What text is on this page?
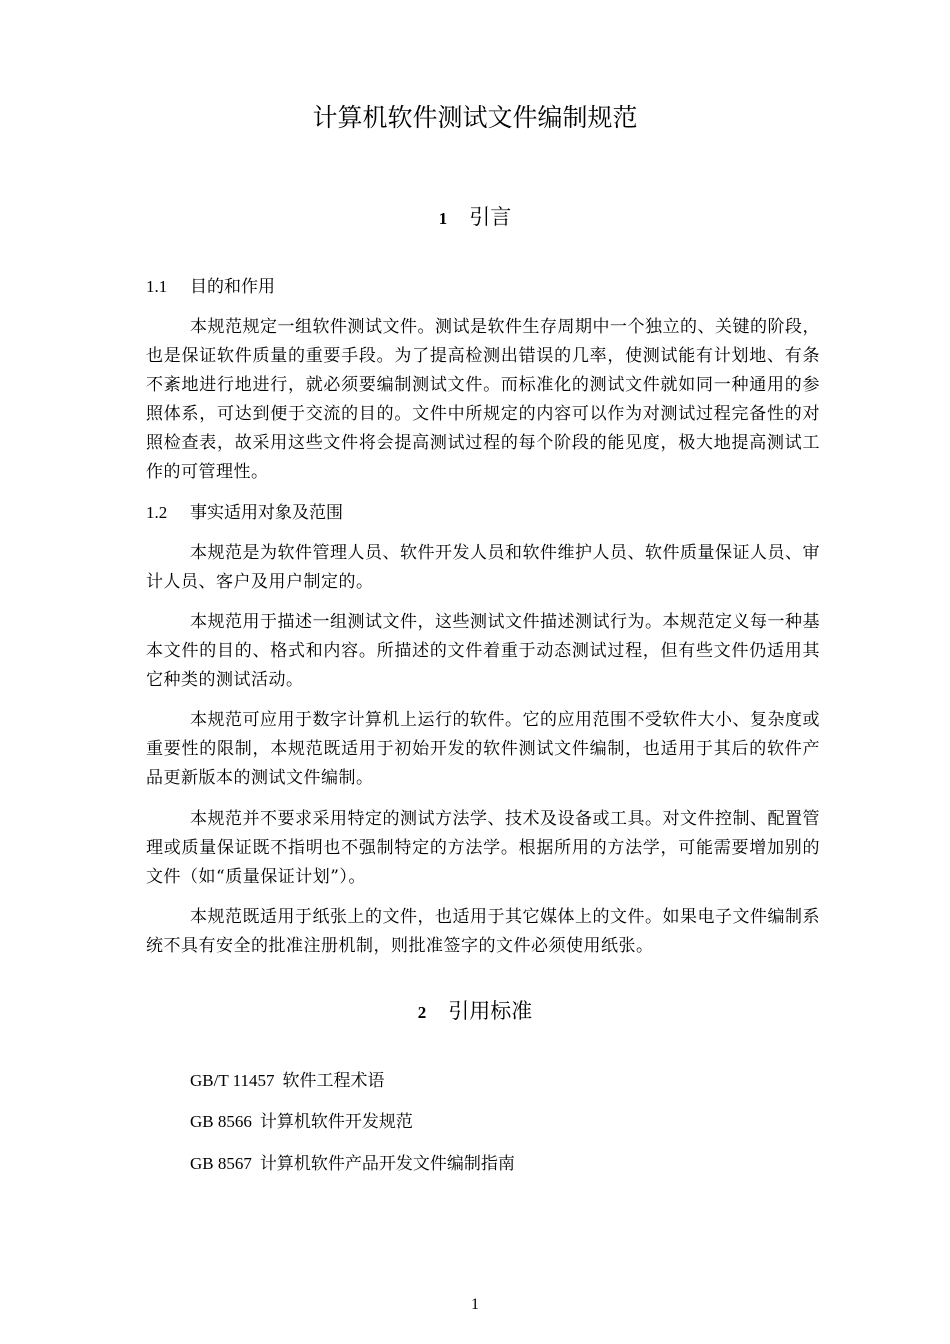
计算机软件测试文件编制规范
1 引言
1.1 目的和作用

本规范规定一组软件测试文件。测试是软件生存周期中一个独立的、关键的阶段，也是保证软件质量的重要手段。为了提高检测出错误的几率，使测试能有计划地、有条不紊地进行地进行，就必须要编制测试文件。而标准化的测试文件就如同一种通用的参照体系，可达到便于交流的目的。文件中所规定的内容可以作为对测试过程完备性的对照检查表，故采用这些文件将会提高测试过程的每个阶段的能见度，极大地提高测试工作的可管理性。

1.2 事实适用对象及范围

本规范是为软件管理人员、软件开发人员和软件维护人员、软件质量保证人员、审计人员、客户及用户制定的。

本规范用于描述一组测试文件，这些测试文件描述测试行为。本规范定义每一种基本文件的目的、格式和内容。所描述的文件着重于动态测试过程，但有些文件仍适用其它种类的测试活动。

本规范可应用于数字计算机上运行的软件。它的应用范围不受软件大小、复杂度或重要性的限制，本规范既适用于初始开发的软件测试文件编制，也适用于其后的软件产品更新版本的测试文件编制。

本规范并不要求采用特定的测试方法学、技术及设备或工具。对文件控制、配置管理或质量保证既不指明也不强制特定的方法学。根据所用的方法学，可能需要增加别的文件（如“质量保证计划”）。

本规范既适用于纸张上的文件，也适用于其它媒体上的文件。如果电子文件编制系统不具有安全的批准注册机制，则批准签字的文件必须使用纸张。

2 引用标准

GB/T 11457 软件工程术语

GB 8566 计算机软件开发规范

GB 8567 计算机软件产品开发文件编制指南

1
